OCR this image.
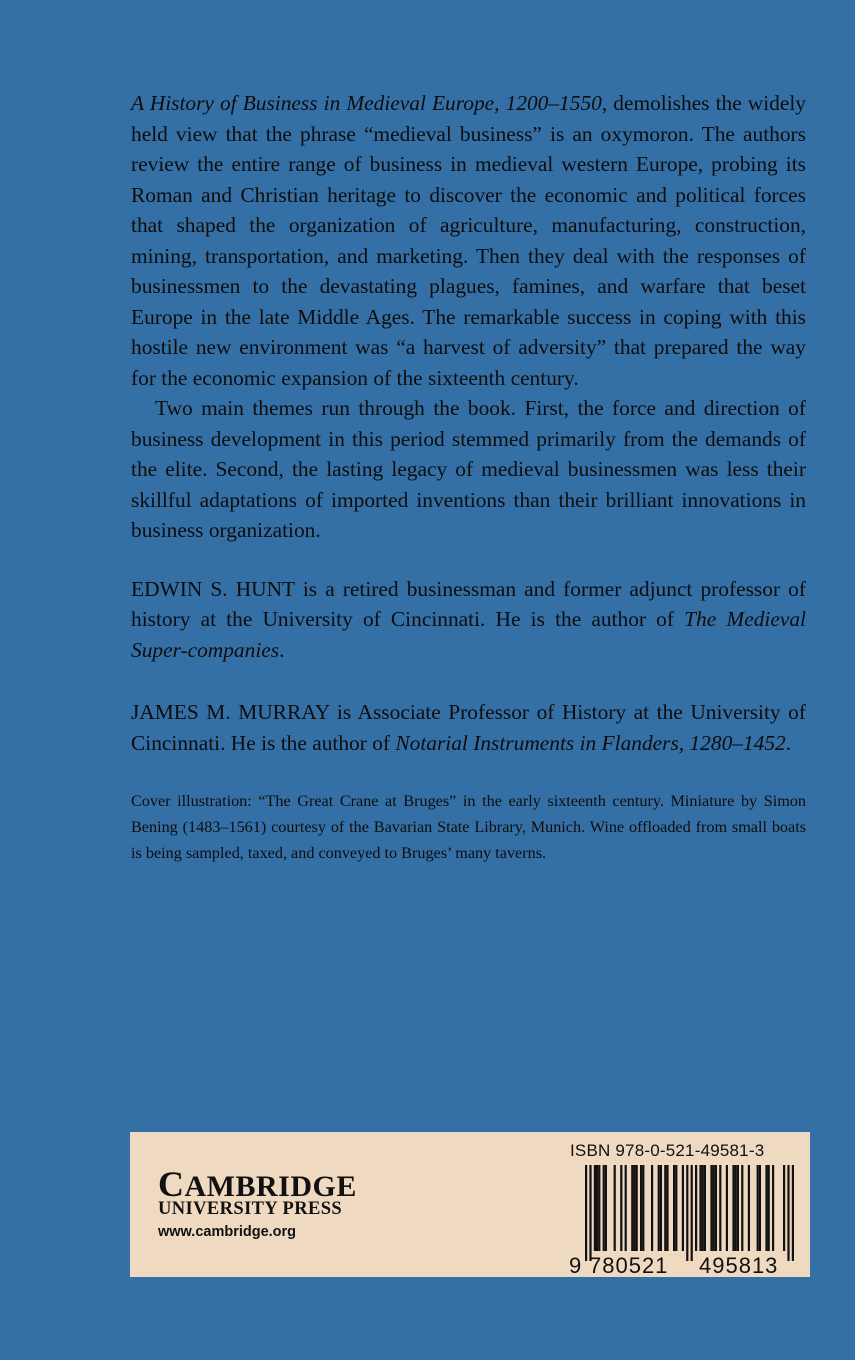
A History of Business in Medieval Europe, 1200–1550, demolishes the widely held view that the phrase “medieval business” is an oxymoron. The authors review the entire range of business in medieval western Europe, probing its Roman and Christian heritage to discover the economic and political forces that shaped the organization of agriculture, manufacturing, construction, mining, transportation, and marketing. Then they deal with the responses of businessmen to the devastating plagues, famines, and warfare that beset Europe in the late Middle Ages. The remarkable success in coping with this hostile new environment was “a harvest of adversity” that prepared the way for the economic expansion of the sixteenth century.

Two main themes run through the book. First, the force and direction of business development in this period stemmed primarily from the demands of the elite. Second, the lasting legacy of medieval businessmen was less their skillful adaptations of imported inventions than their brilliant innovations in business organization.

EDWIN S. HUNT is a retired businessman and former adjunct professor of history at the University of Cincinnati. He is the author of The Medieval Super-companies.

JAMES M. MURRAY is Associate Professor of History at the University of Cincinnati. He is the author of Notarial Instruments in Flanders, 1280–1452.

Cover illustration: “The Great Crane at Bruges” in the early sixteenth century. Miniature by Simon Bening (1483–1561) courtesy of the Bavarian State Library, Munich. Wine offloaded from small boats is being sampled, taxed, and conveyed to Bruges’ many taverns.

CAMBRIDGE
UNIVERSITY PRESS
www.cambridge.org
ISBN 978-0-521-49581-3
9 780521 495813
